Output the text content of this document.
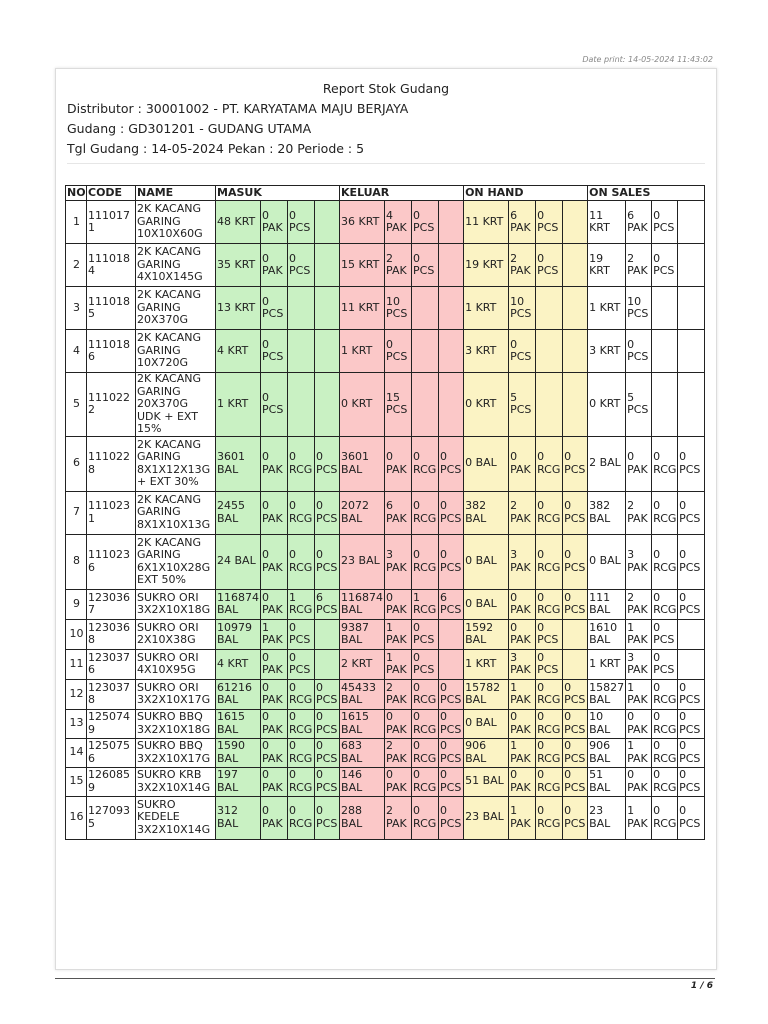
Date print: 14-05-2024 11:43:02
Report Stok Gudang
Distributor : 30001002 - PT. KARYATAMA MAJU BERJAYA
Gudang : GD301201 - GUDANG UTAMA
Tgl Gudang : 14-05-2024 Pekan : 20 Periode : 5
NO	CODE	NAME	MASUK				KELUAR				ON HAND				ON SALES			
1	1110171	2K KACANG GARING 10X10X60G	48 KRT	0 PAK	0 PCS		36 KRT	4 PAK	0 PCS		11 KRT	6 PAK	0 PCS		11 KRT	6 PAK	0 PCS	
2	1110184	2K KACANG GARING 4X10X145G	35 KRT	0 PAK	0 PCS		15 KRT	2 PAK	0 PCS		19 KRT	2 PAK	0 PCS		19 KRT	2 PAK	0 PCS	
3	1110185	2K KACANG GARING 20X370G	13 KRT	0 PCS			11 KRT	10 PCS			1 KRT	10 PCS			1 KRT	10 PCS		
4	1110186	2K KACANG GARING 10X720G	4 KRT	0 PCS			1 KRT	0 PCS			3 KRT	0 PCS			3 KRT	0 PCS		
5	1110222	2K KACANG GARING 20X370G UDK + EXT 15%	1 KRT	0 PCS			0 KRT	15 PCS			0 KRT	5 PCS			0 KRT	5 PCS		
6	1110228	2K KACANG GARING 8X1X12X13G + EXT 30%	3601 BAL	0 PAK	0 RCG	0 PCS	3601 BAL	0 PAK	0 RCG	0 PCS	0 BAL	0 PAK	0 RCG	0 PCS	2 BAL	0 PAK	0 RCG	0 PCS
7	1110231	2K KACANG GARING 8X1X10X13G	2455 BAL	0 PAK	0 RCG	0 PCS	2072 BAL	6 PAK	0 RCG	0 PCS	382 BAL	2 PAK	0 RCG	0 PCS	382 BAL	2 PAK	0 RCG	0 PCS
8	1110236	2K KACANG GARING 6X1X10X28G EXT 50%	24 BAL	0 PAK	0 RCG	0 PCS	23 BAL	3 PAK	0 RCG	0 PCS	0 BAL	3 PAK	0 RCG	0 PCS	0 BAL	3 PAK	0 RCG	0 PCS
9	1230367	SUKRO ORI 3X2X10X18G	116874 BAL	0 PAK	1 RCG	6 PCS	116874 BAL	0 PAK	1 RCG	6 PCS	0 BAL	0 PAK	0 RCG	0 PCS	111 BAL	2 PAK	0 RCG	0 PCS
10	1230368	SUKRO ORI 2X10X38G	10979 BAL	1 PAK	0 PCS		9387 BAL	1 PAK	0 PCS		1592 BAL	0 PAK	0 PCS		1610 BAL	1 PAK	0 PCS	
11	1230376	SUKRO ORI 4X10X95G	4 KRT	0 PAK	0 PCS		2 KRT	1 PAK	0 PCS		1 KRT	3 PAK	0 PCS		1 KRT	3 PAK	0 PCS	
12	1230378	SUKRO ORI 3X2X10X17G	61216 BAL	0 PAK	0 RCG	0 PCS	45433 BAL	2 PAK	0 RCG	0 PCS	15782 BAL	1 PAK	0 RCG	0 PCS	15827 BAL	1 PAK	0 RCG	0 PCS
13	1250749	SUKRO BBQ 3X2X10X18G	1615 BAL	0 PAK	0 RCG	0 PCS	1615 BAL	0 PAK	0 RCG	0 PCS	0 BAL	0 PAK	0 RCG	0 PCS	10 BAL	0 PAK	0 RCG	0 PCS
14	1250756	SUKRO BBQ 3X2X10X17G	1590 BAL	0 PAK	0 RCG	0 PCS	683 BAL	2 PAK	0 RCG	0 PCS	906 BAL	1 PAK	0 RCG	0 PCS	906 BAL	1 PAK	0 RCG	0 PCS
15	1260859	SUKRO KRB 3X2X10X14G	197 BAL	0 PAK	0 RCG	0 PCS	146 BAL	0 PAK	0 RCG	0 PCS	51 BAL	0 PAK	0 RCG	0 PCS	51 BAL	0 PAK	0 RCG	0 PCS
16	1270935	SUKRO KEDELE 3X2X10X14G	312 BAL	0 PAK	0 RCG	0 PCS	288 BAL	2 PAK	0 RCG	0 PCS	23 BAL	1 PAK	0 RCG	0 PCS	23 BAL	1 PAK	0 RCG	0 PCS
1 / 6
